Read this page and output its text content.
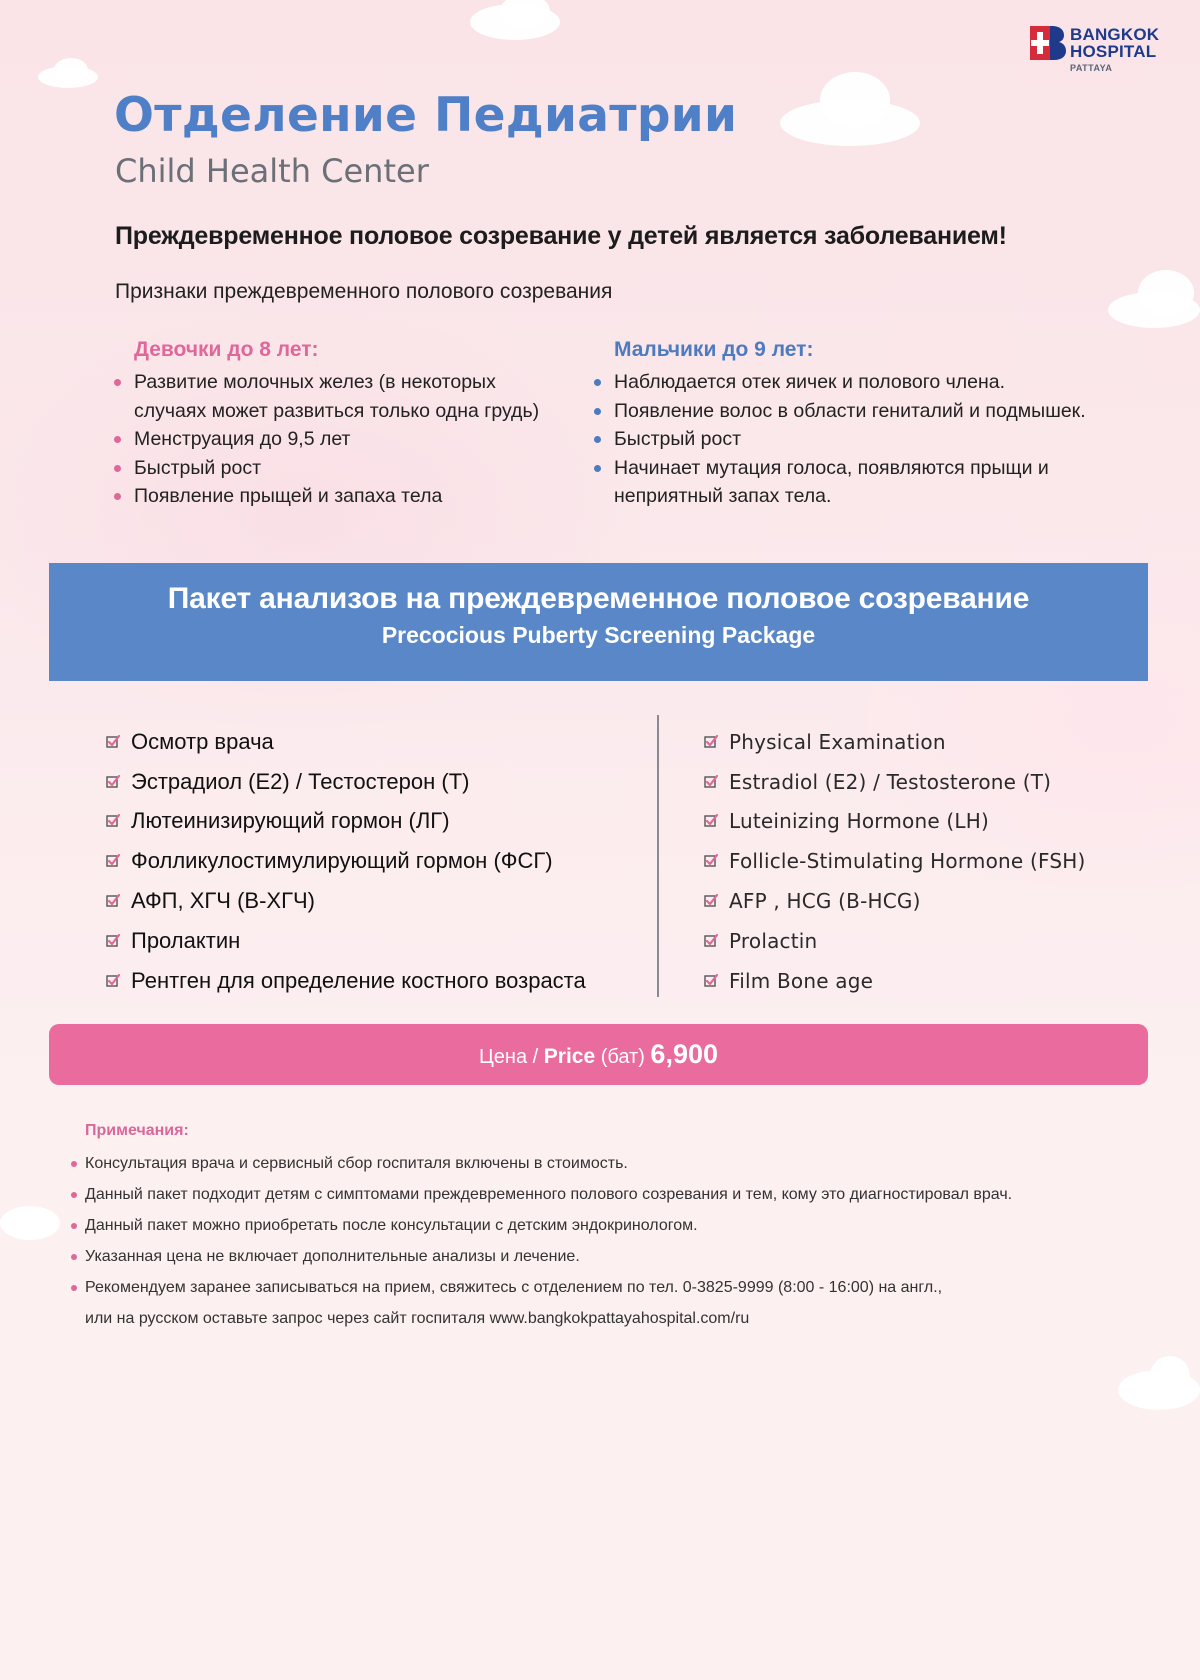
BANGKOK
HOSPITAL
PATTAYA
Отделение Педиатрии
Child Health Center
Преждевременное половое созревание у детей является заболеванием!
Признаки преждевременного полового созревания
Девочки до 8 лет:
Развитие молочных желез (в некоторых
случаях может развиться только одна грудь)
Менструация до 9,5 лет
Быстрый рост
Появление прыщей и запаха тела
Мальчики до 9 лет:
Наблюдается отек яичек и полового члена.
Появление волос в области гениталий и подмышек.
Быстрый рост
Начинает мутация голоса, появляются прыщи и
неприятный запах тела.
Пакет анализов на преждевременное половое созревание
Precocious Puberty Screening Package
Осмотр врача
Эстрадиол (Е2) / Тестостерон (Т)
Лютеинизирующий гормон (ЛГ)
Фолликулостимулирующий гормон (ФСГ)
АФП, ХГЧ (В-ХГЧ)
Пролактин
Рентген для определение костного возраста
Physical Examination
Estradiol (E2) / Testosterone (T)
Luteinizing Hormone (LH)
Follicle-Stimulating Hormone (FSH)
AFP , HCG (B-HCG)
Prolactin
Film Bone age
Цена / Price (бат) 6,900
Примечания:
Консультация врача и сервисный сбор госпиталя включены в стоимость.
Данный пакет подходит детям с симптомами преждевременного полового созревания и тем, кому это диагностировал врач.
Данный пакет можно приобретать после консультации с детским эндокринологом.
Указанная цена не включает дополнительные анализы и лечение.
Рекомендуем заранее записываться на прием, свяжитесь с отделением по тел. 0-3825-9999 (8:00 - 16:00) на англ.,
или на русском оставьте запрос через сайт госпиталя www.bangkokpattayahospital.com/ru
